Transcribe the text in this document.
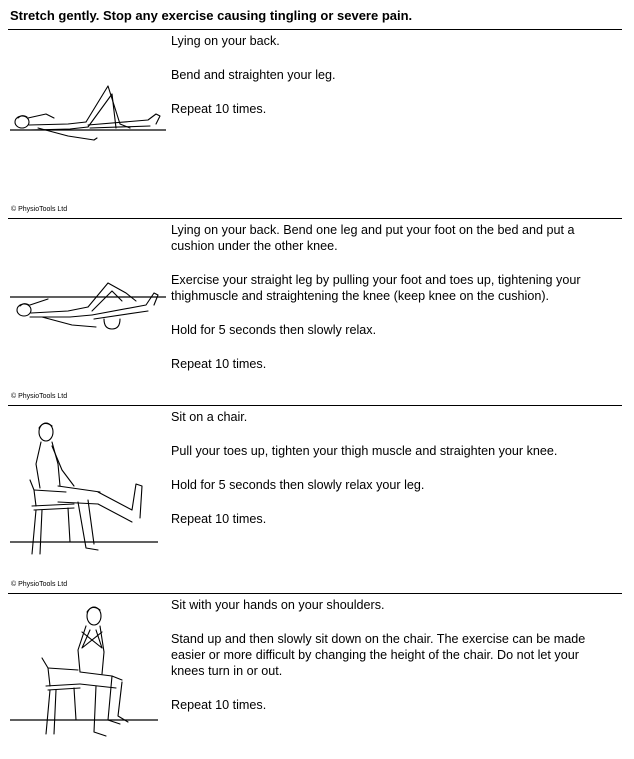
Stretch gently. Stop any exercise causing tingling or severe pain.
© PhysioTools Ltd

Lying on your back.

Bend and straighten your leg.

Repeat 10 times.

© PhysioTools Ltd

Lying on your back. Bend one leg and put your foot on the bed and put a cushion under the other knee.

Exercise your straight leg by pulling your foot and toes up, tightening your thighmuscle and straightening the knee (keep knee on the cushion).

Hold for 5 seconds then slowly relax.

Repeat 10 times.

© PhysioTools Ltd

Sit on a chair.

Pull your toes up, tighten your thigh muscle and straighten your knee.

Hold for 5 seconds then slowly relax your leg.

Repeat 10 times.

Sit with your hands on your shoulders.

Stand up and then slowly sit down on the chair. The exercise can be made easier or more difficult by changing the height of the chair. Do not let your knees turn in or out.

Repeat 10 times.
